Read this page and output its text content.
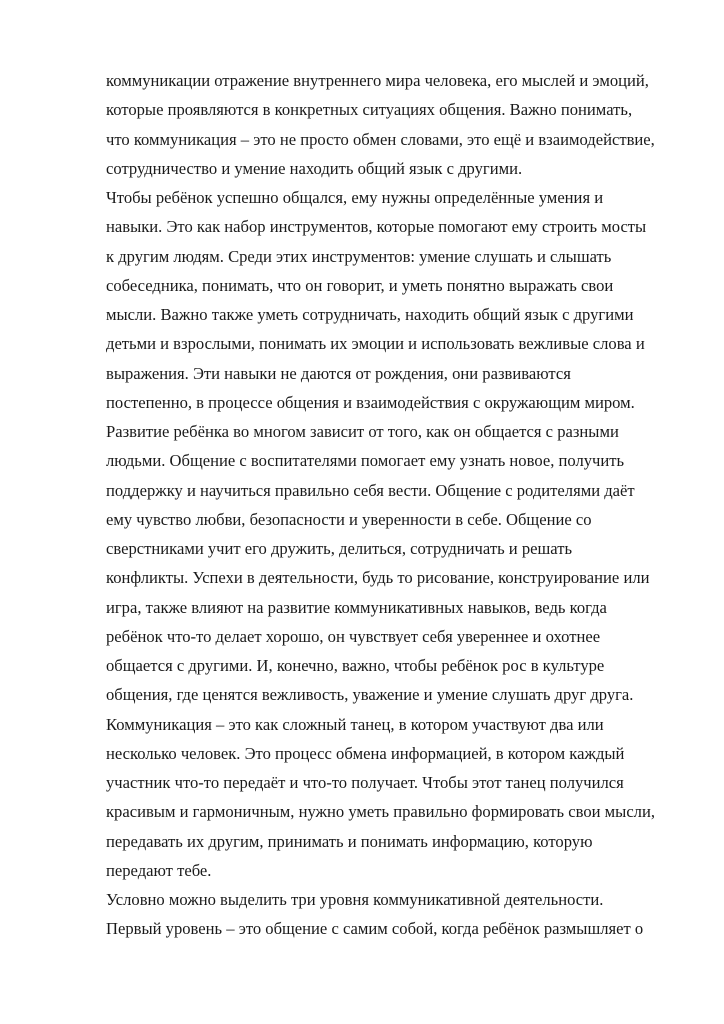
коммуникации отражение внутреннего мира человека, его мыслей и эмоций,
которые проявляются в конкретных ситуациях общения. Важно понимать,
что коммуникация – это не просто обмен словами, это ещё и взаимодействие,
сотрудничество и умение находить общий язык с другими.
Чтобы ребёнок успешно общался, ему нужны определённые умения и
навыки. Это как набор инструментов, которые помогают ему строить мосты
к другим людям. Среди этих инструментов: умение слушать и слышать
собеседника, понимать, что он говорит, и уметь понятно выражать свои
мысли. Важно также уметь сотрудничать, находить общий язык с другими
детьми и взрослыми, понимать их эмоции и использовать вежливые слова и
выражения. Эти навыки не даются от рождения, они развиваются
постепенно, в процессе общения и взаимодействия с окружающим миром.
Развитие ребёнка во многом зависит от того, как он общается с разными
людьми. Общение с воспитателями помогает ему узнать новое, получить
поддержку и научиться правильно себя вести. Общение с родителями даёт
ему чувство любви, безопасности и уверенности в себе. Общение со
сверстниками учит его дружить, делиться, сотрудничать и решать
конфликты. Успехи в деятельности, будь то рисование, конструирование или
игра, также влияют на развитие коммуникативных навыков, ведь когда
ребёнок что-то делает хорошо, он чувствует себя увереннее и охотнее
общается с другими. И, конечно, важно, чтобы ребёнок рос в культуре
общения, где ценятся вежливость, уважение и умение слушать друг друга.
Коммуникация – это как сложный танец, в котором участвуют два или
несколько человек. Это процесс обмена информацией, в котором каждый
участник что-то передаёт и что-то получает. Чтобы этот танец получился
красивым и гармоничным, нужно уметь правильно формировать свои мысли,
передавать их другим, принимать и понимать информацию, которую
передают тебе.
Условно можно выделить три уровня коммуникативной деятельности.
Первый уровень – это общение с самим собой, когда ребёнок размышляет о
